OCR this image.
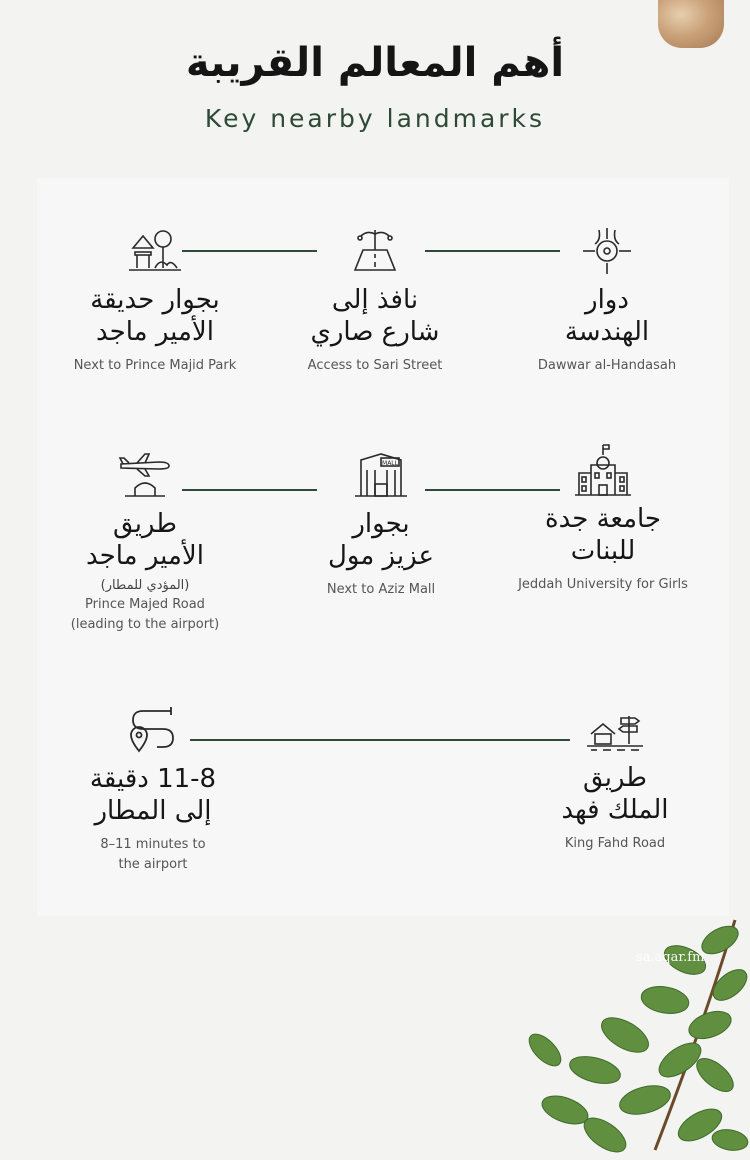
أهم المعالم القريبة
Key nearby landmarks
بجوار حديقة
الأمير ماجد
Next to Prince Majid Park
نافذ إلى
شارع صاري
Access to Sari Street
دوار
الهندسة
Dawwar al-Handasah
طريق
الأمير ماجد
(المؤدي للمطار)
Prince Majed Road
(leading to the airport)
MALL
بجوار
عزيز مول
Next to Aziz Mall
جامعة جدة
للبنات
Jeddah University for Girls
11-8 دقيقة
إلى المطار
8–11 minutes to
the airport
طريق
الملك فهد
King Fahd Road
sa.aqar.fm
